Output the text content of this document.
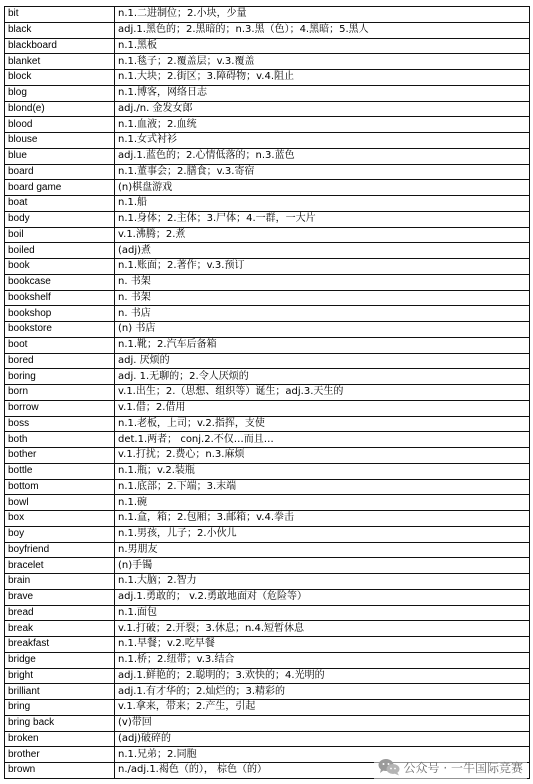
bit	n.1.二进制位；2.小块，少量
black	adj.1.黑色的；2.黑暗的；n.3.黑（色）；4.黑暗；5.黑人
blackboard	n.1.黑板
blanket	n.1.毯子；2.覆盖层；v.3.覆盖
block	n.1.大块；2.街区；3.障碍物；v.4.阻止
blog	n.1.博客，网络日志
blond(e)	adj./n. 金发女郎
blood	n.1.血液；2.血统
blouse	n.1.女式衬衫
blue	adj.1.蓝色的；2.心情低落的；n.3.蓝色
board	n.1.董事会；2.膳食；v.3.寄宿
board game	(n)棋盘游戏
boat	n.1.船
body	n.1.身体；2.主体；3.尸体；4.一群，一大片
boil	v.1.沸腾；2.煮
boiled	(adj)煮
book	n.1.账面；2.著作；v.3.预订
bookcase	n. 书架
bookshelf	n. 书架
bookshop	n. 书店
bookstore	(n) 书店
boot	n.1.靴；2.汽车后备箱
bored	adj. 厌烦的
boring	adj. 1.无聊的；2.令人厌烦的
born	v.1.出生；2.（思想、组织等）诞生；adj.3.天生的
borrow	v.1.借；2.借用
boss	n.1.老板，上司；v.2.指挥，支使
both	det.1.两者； conj.2.不仅…而且…
bother	v.1.打扰；2.费心；n.3.麻烦
bottle	n.1.瓶；v.2.装瓶
bottom	n.1.底部；2.下端；3.末端
bowl	n.1.碗
box	n.1.盒，箱；2.包厢；3.邮箱；v.4.拳击
boy	n.1.男孩，儿子；2.小伙儿
boyfriend	n.男朋友
bracelet	(n)手镯
brain	n.1.大脑；2.智力
brave	adj.1.勇敢的； v.2.勇敢地面对（危险等）
bread	n.1.面包
break	v.1.打破；2.开裂；3.休息；n.4.短暂休息
breakfast	n.1.早餐；v.2.吃早餐
bridge	n.1.桥；2.纽带；v.3.结合
bright	adj.1.鲜艳的；2.聪明的；3.欢快的；4.光明的
brilliant	adj.1.有才华的；2.灿烂的；3.精彩的
bring	v.1.拿来，带来；2.产生，引起
bring back	(v)带回
broken	(adj)破碎的
brother	n.1.兄弟；2.同胞
brown	n./adj.1.褐色（的）， 棕色（的）	公众号 · 一牛国际竞赛
